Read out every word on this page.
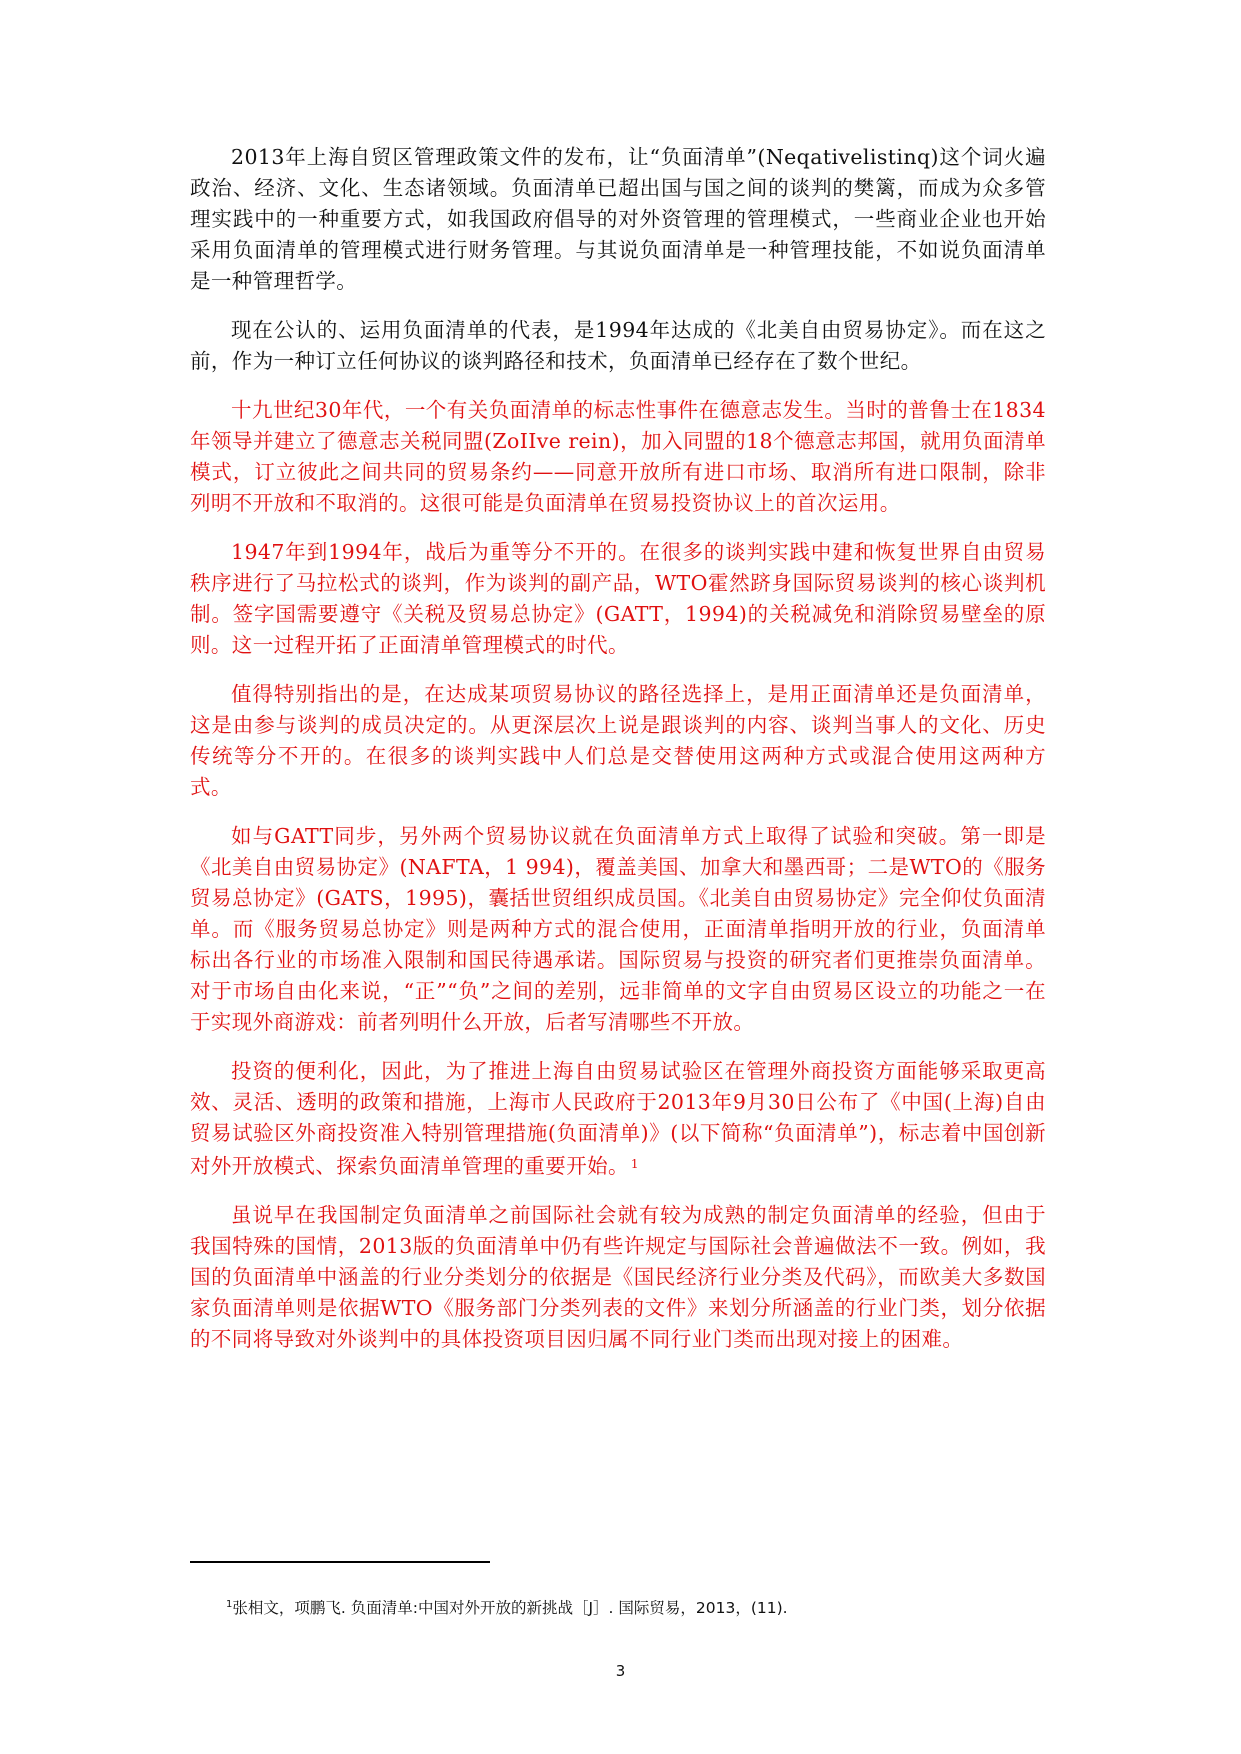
2013年上海自贸区管理政策文件的发布，让“负面清单”(Neqativelistinq)这个词火遍政治、经济、文化、生态诸领域。负面清单已超出国与国之间的谈判的樊篱，而成为众多管理实践中的一种重要方式，如我国政府倡导的对外资管理的管理模式，一些商业企业也开始采用负面清单的管理模式进行财务管理。与其说负面清单是一种管理技能，不如说负面清单是一种管理哲学。

现在公认的、运用负面清单的代表，是1994年达成的《北美自由贸易协定》。而在这之前，作为一种订立任何协议的谈判路径和技术，负面清单已经存在了数个世纪。

十九世纪30年代，一个有关负面清单的标志性事件在德意志发生。当时的普鲁士在1834年领导并建立了德意志关税同盟(ZoIIve rein)，加入同盟的18个德意志邦国，就用负面清单模式，订立彼此之间共同的贸易条约——同意开放所有进口市场、取消所有进口限制，除非列明不开放和不取消的。这很可能是负面清单在贸易投资协议上的首次运用。

1947年到1994年，战后为重等分不开的。在很多的谈判实践中建和恢复世界自由贸易秩序进行了马拉松式的谈判，作为谈判的副产品，WTO霍然跻身国际贸易谈判的核心谈判机制。签字国需要遵守《关税及贸易总协定》(GATT，1994)的关税减免和消除贸易壁垒的原则。这一过程开拓了正面清单管理模式的时代。

值得特别指出的是，在达成某项贸易协议的路径选择上，是用正面清单还是负面清单，这是由参与谈判的成员决定的。从更深层次上说是跟谈判的内容、谈判当事人的文化、历史传统等分不开的。在很多的谈判实践中人们总是交替使用这两种方式或混合使用这两种方式。

如与GATT同步，另外两个贸易协议就在负面清单方式上取得了试验和突破。第一即是《北美自由贸易协定》(NAFTA，1 994)，覆盖美国、加拿大和墨西哥；二是WTO的《服务贸易总协定》(GATS，1995)，囊括世贸组织成员国。《北美自由贸易协定》完全仰仗负面清单。而《服务贸易总协定》则是两种方式的混合使用，正面清单指明开放的行业，负面清单标出各行业的市场准入限制和国民待遇承诺。国际贸易与投资的研究者们更推崇负面清单。对于市场自由化来说，“正”“负”之间的差别，远非简单的文字自由贸易区设立的功能之一在于实现外商游戏：前者列明什么开放，后者写清哪些不开放。

投资的便利化，因此，为了推进上海自由贸易试验区在管理外商投资方面能够采取更高效、灵活、透明的政策和措施，上海市人民政府于2013年9月30日公布了《中国(上海)自由贸易试验区外商投资准入特别管理措施(负面清单)》(以下简称“负面清单”)，标志着中国创新对外开放模式、探索负面清单管理的重要开始。 $^1$

虽说早在我国制定负面清单之前国际社会就有较为成熟的制定负面清单的经验，但由于我国特殊的国情，2013版的负面清单中仍有些许规定与国际社会普遍做法不一致。例如，我国的负面清单中涵盖的行业分类划分的依据是《国民经济行业分类及代码》，而欧美大多数国家负面清单则是依据WTO《服务部门分类列表的文件》来划分所涵盖的行业门类，划分依据的不同将导致对外谈判中的具体投资项目因归属不同行业门类而出现对接上的困难。

$^1$张相文，项鹏飞. 负面清单:中国对外开放的新挑战［J］. 国际贸易，2013，(11).
3
